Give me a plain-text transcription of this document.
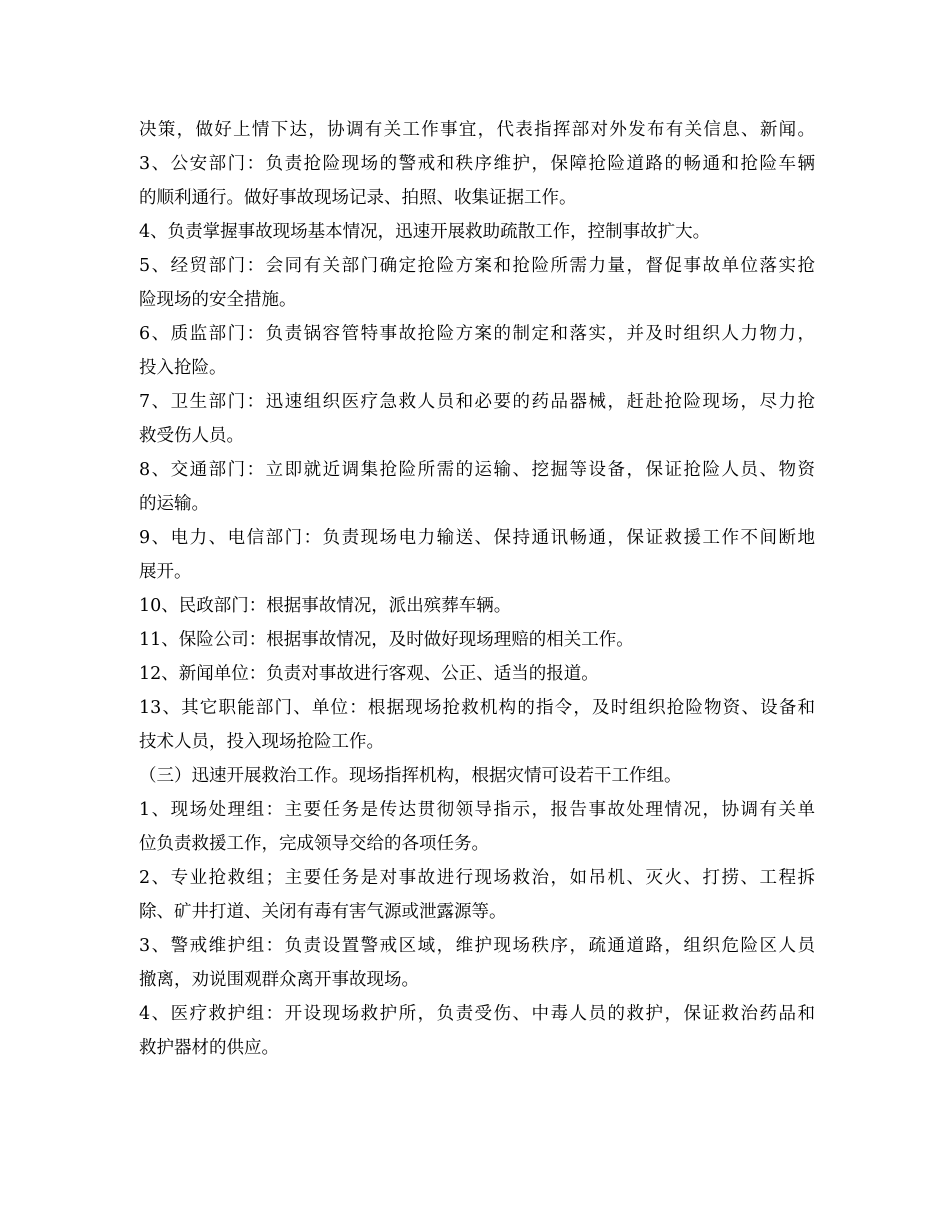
决策，做好上情下达，协调有关工作事宜，代表指挥部对外发布有关信息、新闻。
3、公安部门：负责抢险现场的警戒和秩序维护，保障抢险道路的畅通和抢险车辆
的顺利通行。做好事故现场记录、拍照、收集证据工作。
4、负责掌握事故现场基本情况，迅速开展救助疏散工作，控制事故扩大。
5、经贸部门：会同有关部门确定抢险方案和抢险所需力量，督促事故单位落实抢
险现场的安全措施。
6、质监部门：负责锅容管特事故抢险方案的制定和落实，并及时组织人力物力，
投入抢险。
7、卫生部门：迅速组织医疗急救人员和必要的药品器械，赶赴抢险现场，尽力抢
救受伤人员。
8、交通部门：立即就近调集抢险所需的运输、挖掘等设备，保证抢险人员、物资
的运输。
9、电力、电信部门：负责现场电力输送、保持通讯畅通，保证救援工作不间断地
展开。
10、民政部门：根据事故情况，派出殡葬车辆。
11、保险公司：根据事故情况，及时做好现场理赔的相关工作。
12、新闻单位：负责对事故进行客观、公正、适当的报道。
13、其它职能部门、单位：根据现场抢救机构的指令，及时组织抢险物资、设备和
技术人员，投入现场抢险工作。
（三）迅速开展救治工作。现场指挥机构，根据灾情可设若干工作组。
1、现场处理组：主要任务是传达贯彻领导指示，报告事故处理情况，协调有关单
位负责救援工作，完成领导交给的各项任务。
2、专业抢救组；主要任务是对事故进行现场救治，如吊机、灭火、打捞、工程拆
除、矿井打道、关闭有毒有害气源或泄露源等。
3、警戒维护组：负责设置警戒区域，维护现场秩序，疏通道路，组织危险区人员
撤离，劝说围观群众离开事故现场。
4、医疗救护组：开设现场救护所，负责受伤、中毒人员的救护，保证救治药品和
救护器材的供应。
